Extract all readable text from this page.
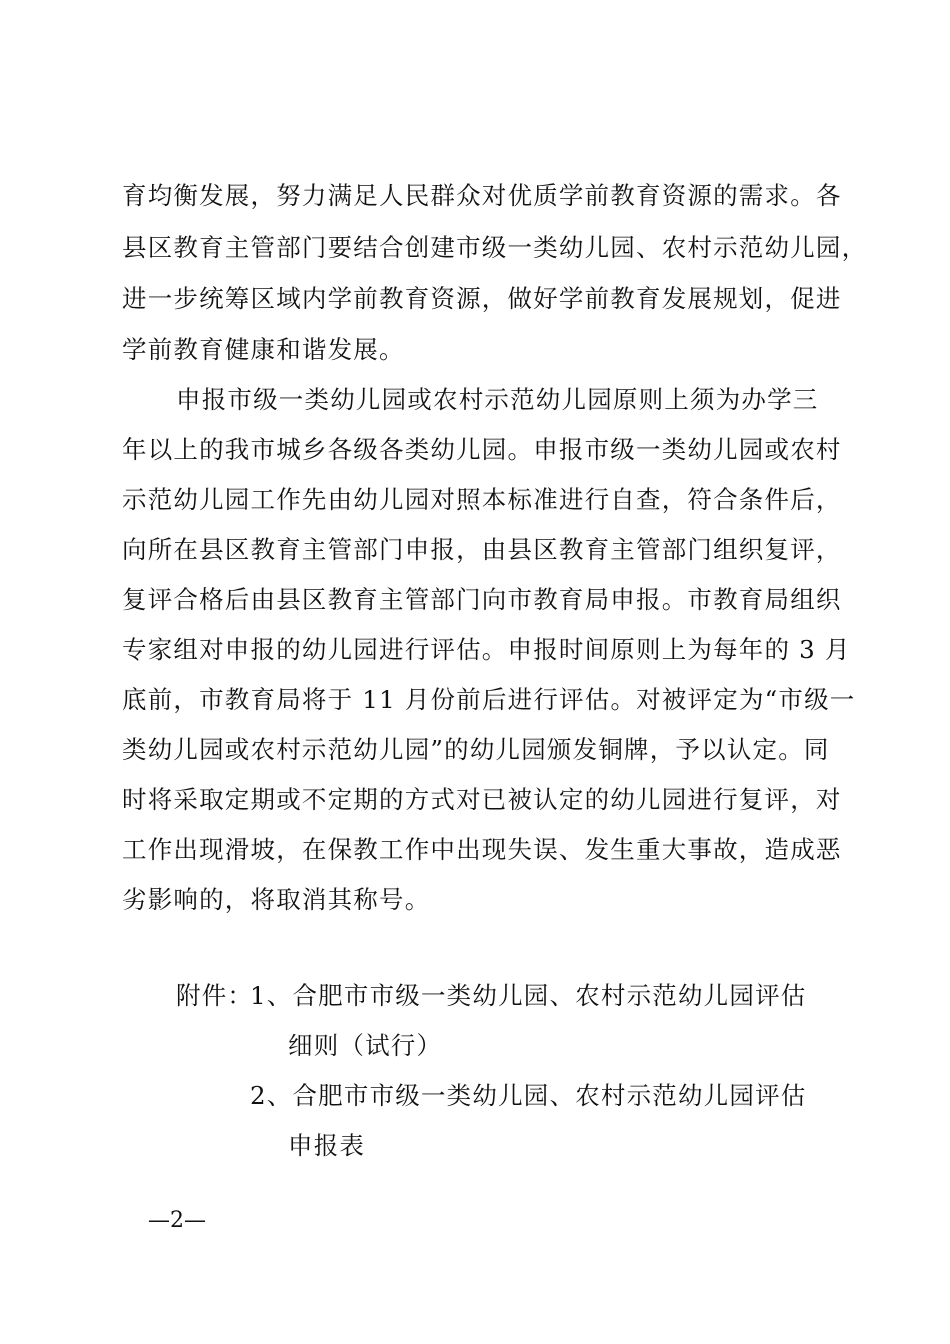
育均衡发展，努力满足人民群众对优质学前教育资源的需求。各
县区教育主管部门要结合创建市级一类幼儿园、农村示范幼儿园，
进一步统筹区域内学前教育资源，做好学前教育发展规划，促进
学前教育健康和谐发展。
申报市级一类幼儿园或农村示范幼儿园原则上须为办学三
年以上的我市城乡各级各类幼儿园。申报市级一类幼儿园或农村
示范幼儿园工作先由幼儿园对照本标准进行自查，符合条件后，
向所在县区教育主管部门申报，由县区教育主管部门组织复评，
复评合格后由县区教育主管部门向市教育局申报。市教育局组织
专家组对申报的幼儿园进行评估。申报时间原则上为每年的 3 月
底前，市教育局将于 11 月份前后进行评估。对被评定为“市级一
类幼儿园或农村示范幼儿园”的幼儿园颁发铜牌，予以认定。同
时将采取定期或不定期的方式对已被认定的幼儿园进行复评，对
工作出现滑坡，在保教工作中出现失误、发生重大事故，造成恶
劣影响的，将取消其称号。
附件：
1、合肥市市级一类幼儿园、农村示范幼儿园评估
细则（试行）
2、合肥市市级一类幼儿园、农村示范幼儿园评估
申报表
—2—
